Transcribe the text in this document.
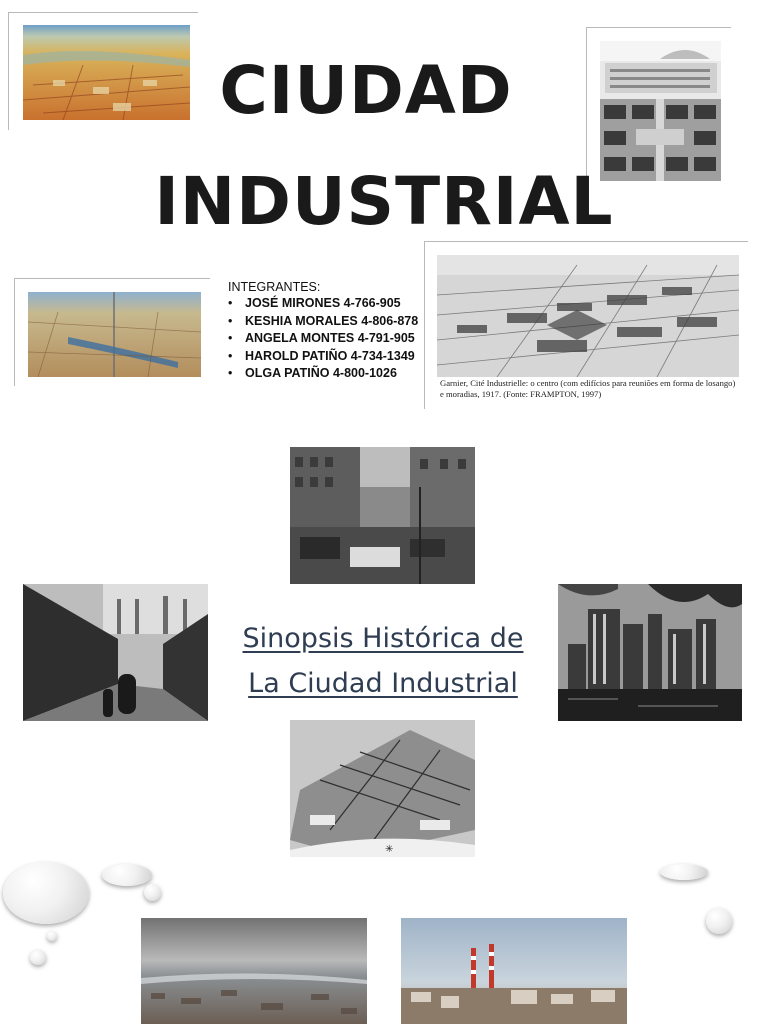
CIUDAD
INDUSTRIAL
INTEGRANTES:
• JOSÉ MIRONES 4-766-905
• KESHIA MORALES 4-806-878
• ANGELA MONTES 4-791-905
• HAROLD PATIÑO 4-734-1349
• OLGA PATIÑO 4-800-1026
Garnier, Cité Industrielle: o centro (com edifícios para reuniões em forma de losango) e moradias, 1917. (Fonte: FRAMPTON, 1997)
Sinopsis Histórica de
La Ciudad Industrial
✳
